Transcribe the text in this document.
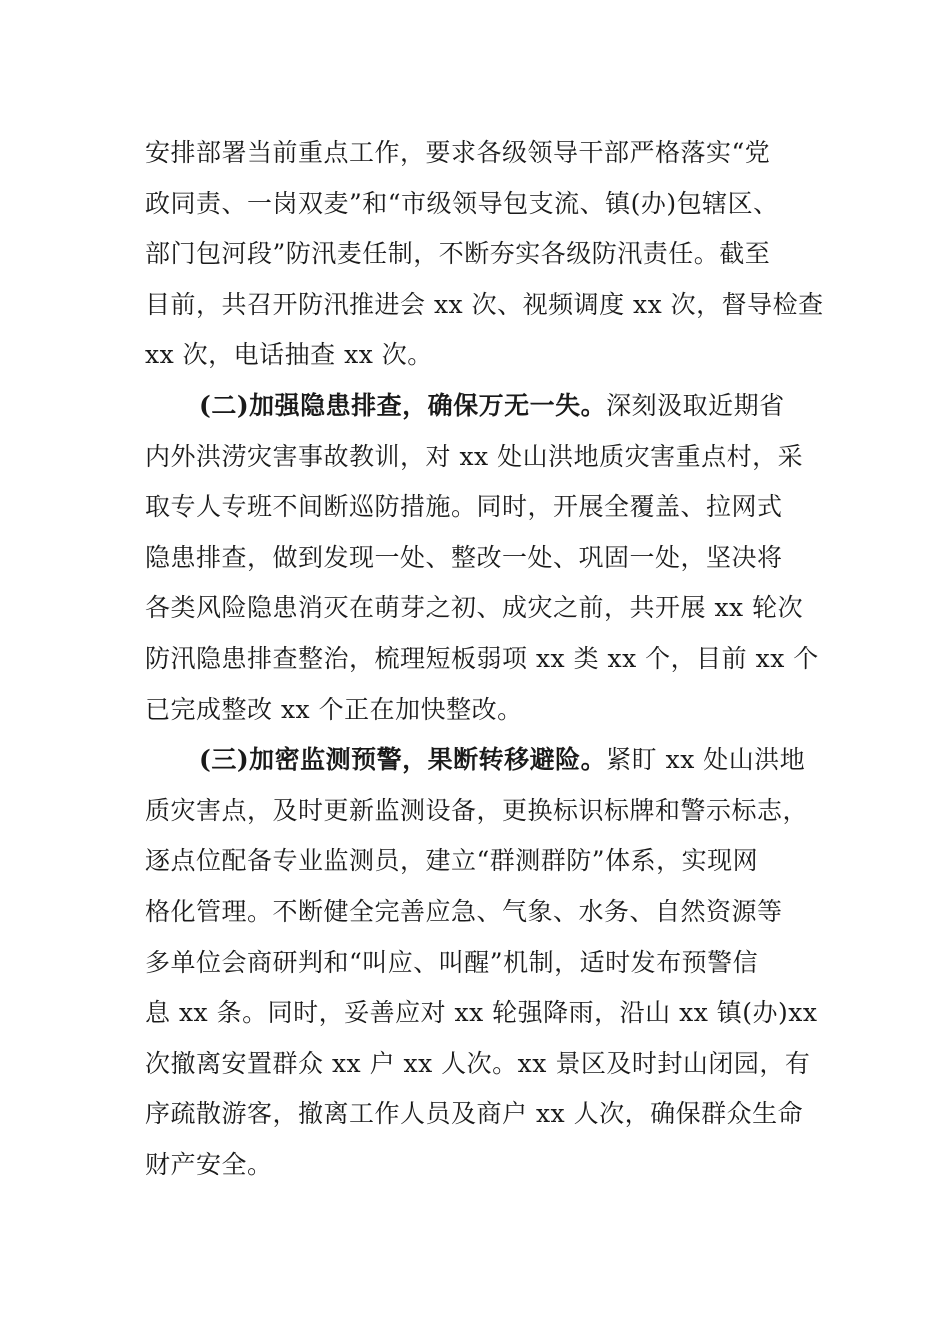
安排部署当前重点工作，要求各级领导干部严格落实“党
政同责、一岗双麦”和“市级领导包支流、镇(办)包辖区、
部门包河段”防汛麦任制，不断夯实各级防汛责任。截至
目前，共召开防汛推进会 xx 次、视频调度 xx 次，督导检查
xx 次，电话抽查 xx 次。
(二)加强隐患排查，确保万无一失。深刻汲取近期省
内外洪涝灾害事故教训，对 xx 处山洪地质灾害重点村，采
取专人专班不间断巡防措施。同时，开展全覆盖、拉网式
隐患排查，做到发现一处、整改一处、巩固一处，坚决将
各类风险隐患消灭在萌芽之初、成灾之前，共开展 xx 轮次
防汛隐患排查整治，梳理短板弱项 xx 类 xx 个，目前 xx 个
已完成整改 xx 个正在加快整改。
(三)加密监测预警，果断转移避险。紧盯 xx 处山洪地
质灾害点，及时更新监测设备，更换标识标牌和警示标志，
逐点位配备专业监测员，建立“群测群防”体系，实现网
格化管理。不断健全完善应急、气象、水务、自然资源等
多单位会商研判和“叫应、叫醒”机制，适时发布预警信
息 xx 条。同时，妥善应对 xx 轮强降雨，沿山 xx 镇(办)xx
次撤离安置群众 xx 户 xx 人次。xx 景区及时封山闭园，有
序疏散游客，撤离工作人员及商户 xx 人次，确保群众生命
财产安全。
